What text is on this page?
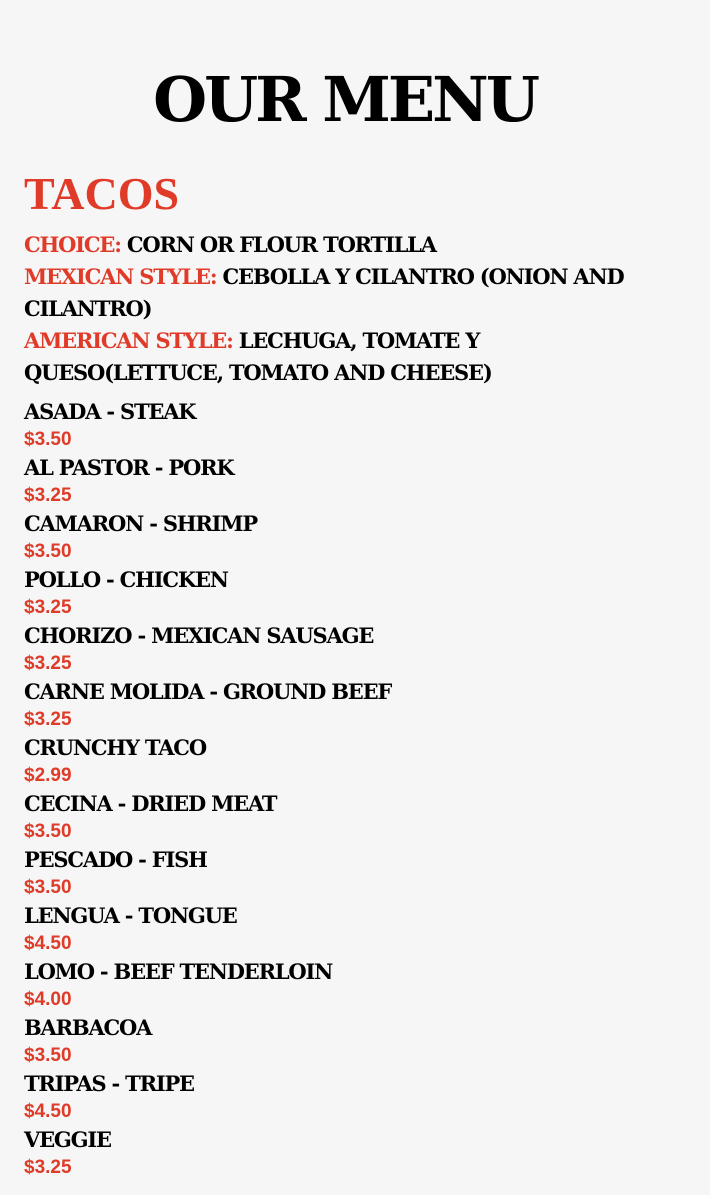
OUR MENU
TACOS

CHOICE: CORN OR FLOUR TORTILLA

MEXICAN STYLE: CEBOLLA Y CILANTRO (ONION AND CILANTRO)

AMERICAN STYLE: LECHUGA, TOMATE Y QUESO(LETTUCE, TOMATO AND CHEESE)

ASADA - STEAK
$3.50
AL PASTOR - PORK
$3.25
CAMARON - SHRIMP
$3.50
POLLO - CHICKEN
$3.25
CHORIZO - MEXICAN SAUSAGE
$3.25
CARNE MOLIDA - GROUND BEEF
$3.25
CRUNCHY TACO
$2.99
CECINA - DRIED MEAT
$3.50
PESCADO - FISH
$3.50
LENGUA - TONGUE
$4.50
LOMO - BEEF TENDERLOIN
$4.00
BARBACOA
$3.50
TRIPAS - TRIPE
$4.50
VEGGIE
$3.25
